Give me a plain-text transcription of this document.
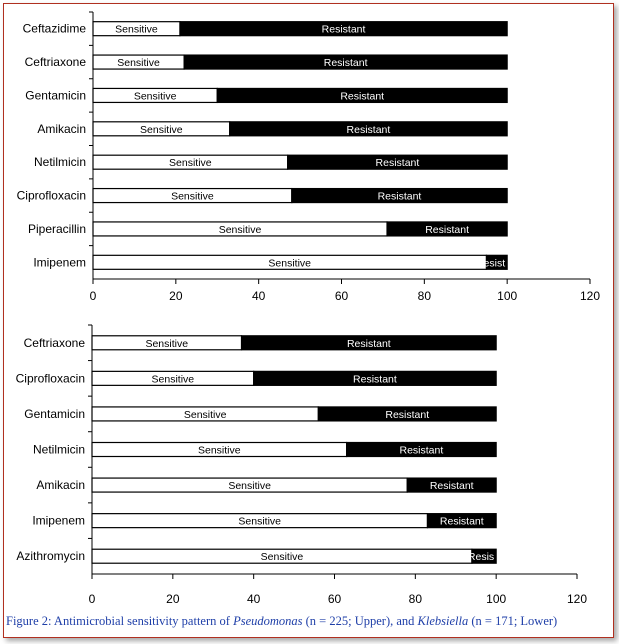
0	20	40	60	80	100	120
Ceftazidime	Sensitive	Resistant
Ceftriaxone	Sensitive	Resistant
Gentamicin	Sensitive	Resistant
Amikacin	Sensitive	Resistant
Netilmicin	Sensitive	Resistant
Ciprofloxacin	Sensitive	Resistant
Piperacillin	Sensitive	Resistant
Imipenem	Sensitive	Resist
0	20	40	60	80	100	120
Ceftriaxone	Sensitive	Resistant
Ciprofloxacin	Sensitive	Resistant
Gentamicin	Sensitive	Resistant
Netilmicin	Sensitive	Resistant
Amikacin	Sensitive	Resistant
Imipenem	Sensitive	Resistant
Azithromycin	Sensitive	Resis
Figure 2: Antimicrobial sensitivity pattern of Pseudomonas (n = 225; Upper), and Klebsiella (n = 171; Lower)
